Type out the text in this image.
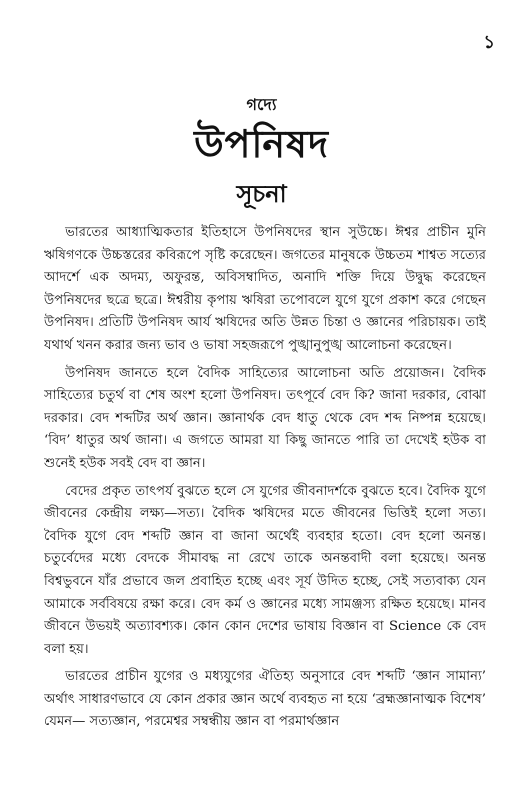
১
গদ্যে
উপনিষদ
সূচনা

ভারতের আধ্যাত্মিকতার ইতিহাসে উপনিষদের স্থান সুউচ্চে। ঈশ্বর প্রাচীন মুনি ঋষিগণকে উচ্চস্তরের কবিরূপে সৃষ্টি করেছেন। জগতের মানুষকে উচ্চতম শাশ্বত সত্যের আদর্শে এক অদম্য, অফুরন্ত, অবিসম্বাদিত, অনাদি শক্তি দিয়ে উদ্বুদ্ধ করেছেন উপনিষদের ছত্রে ছত্রে। ঈশ্বরীয় কৃপায় ঋষিরা তপোবলে যুগে যুগে প্রকাশ করে গেছেন উপনিষদ। প্রতিটি উপনিষদ আর্য ঋষিদের অতি উন্নত চিন্তা ও জ্ঞানের পরিচায়ক। তাই যথার্থ খনন করার জন্য ভাব ও ভাষা সহজরূপে পুঙ্খানুপুঙ্খ আলোচনা করেছেন।

উপনিষদ জানতে হলে বৈদিক সাহিত্যের আলোচনা অতি প্রয়োজন। বৈদিক সাহিত্যের চতুর্থ বা শেষ অংশ হলো উপনিষদ। তৎপূর্বে বেদ কি? জানা দরকার, বোঝা দরকার। বেদ শব্দটির অর্থ জ্ঞান। জ্ঞানার্থক বেদ ধাতু থেকে বেদ শব্দ নিষ্পন্ন হয়েছে। ‘বিদ’ ধাতুর অর্থ জানা। এ জগতে আমরা যা কিছু জানতে পারি তা দেখেই হউক বা শুনেই হউক সবই বেদ বা জ্ঞান।

বেদের প্রকৃত তাৎপর্য বুঝতে হলে সে যুগের জীবনাদর্শকে বুঝতে হবে। বৈদিক যুগে জীবনের কেন্দ্রীয় লক্ষ্য—সত্য। বৈদিক ঋষিদের মতে জীবনের ভিত্তিই হলো সত্য। বৈদিক যুগে বেদ শব্দটি জ্ঞান বা জানা অর্থেই ব্যবহার হতো। বেদ হলো অনন্ত। চতুর্বেদের মধ্যে বেদকে সীমাবদ্ধ না রেখে তাকে অনন্তবাদী বলা হয়েছে। অনন্ত বিশ্বভুবনে যাঁর প্রভাবে জল প্রবাহিত হচ্ছে এবং সূর্য উদিত হচ্ছে, সেই সত্যবাক্য যেন আমাকে সর্ববিষয়ে রক্ষা করে। বেদ কর্ম ও জ্ঞানের মধ্যে সামঞ্জস্য রক্ষিত হয়েছে। মানব জীবনে উভয়ই অত্যাবশ্যক। কোন কোন দেশের ভাষায় বিজ্ঞান বা Science কে বেদ বলা হয়।

ভারতের প্রাচীন যুগের ও মধ্যযুগের ঐতিহ্য অনুসারে বেদ শব্দটি ‘জ্ঞান সামান্য’ অর্থাৎ সাধারণভাবে যে কোন প্রকার জ্ঞান অর্থে ব্যবহৃত না হয়ে ‘ব্রহ্মজ্ঞানাত্মক বিশেষ’ যেমন— সত্যজ্ঞান, পরমেশ্বর সম্বন্ধীয় জ্ঞান বা পরমার্থজ্ঞান
